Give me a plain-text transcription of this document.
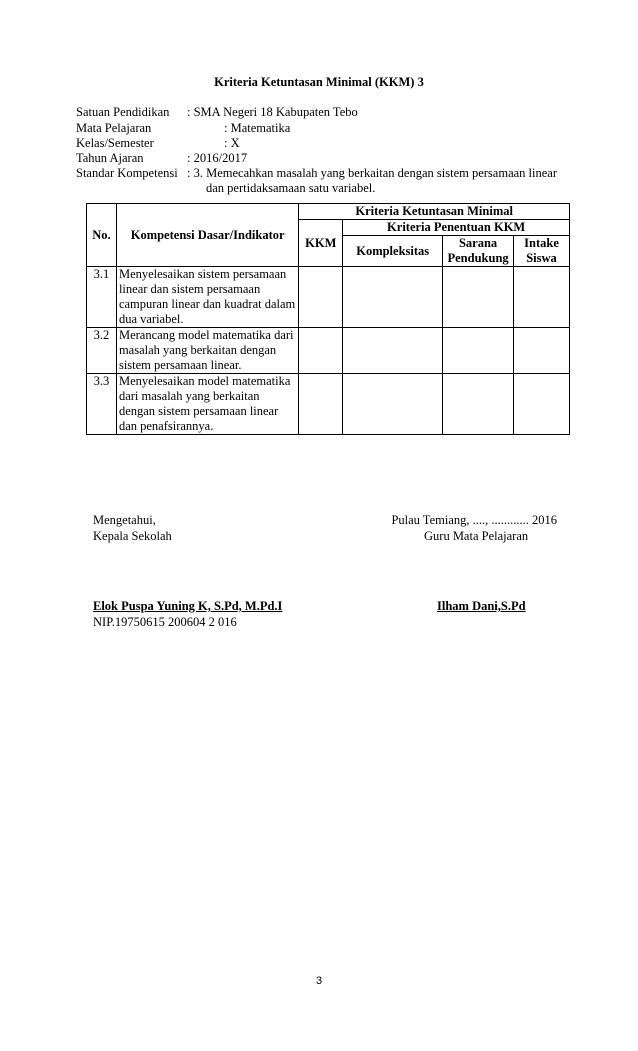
Kriteria Ketuntasan Minimal (KKM) 3
Satuan Pendidikan : SMA Negeri 18 Kabupaten Tebo
Mata Pelajaran	: Matematika
Kelas/Semester	: X
Tahun Ajaran	: 2016/2017
Standar Kompetensi : 3. Memecahkan masalah yang berkaitan dengan sistem persamaan linear
dan pertidaksamaan satu variabel.
No.	Kompetensi Dasar/Indikator	Kriteria Ketuntasan Minimal			
		KKM	Kriteria Penentuan KKM		
			Kompleksitas	Sarana Pendukung	Intake Siswa
3.1	Menyelesaikan sistem persamaan linear dan sistem persamaan campuran linear dan kuadrat dalam dua variabel.				
3.2	Merancang model matematika dari masalah yang berkaitan dengan sistem persamaan linear.				
3.3	Menyelesaikan model matematika dari masalah yang berkaitan dengan sistem persamaan linear dan penafsirannya.				
Mengetahui,
Kepala Sekolah
Pulau Temiang, ...., ............ 2016
Guru Mata Pelajaran
Elok Puspa Yuning K, S.Pd, M.Pd.I
NIP.19750615 200604 2 016
Ilham Dani,S.Pd
3
